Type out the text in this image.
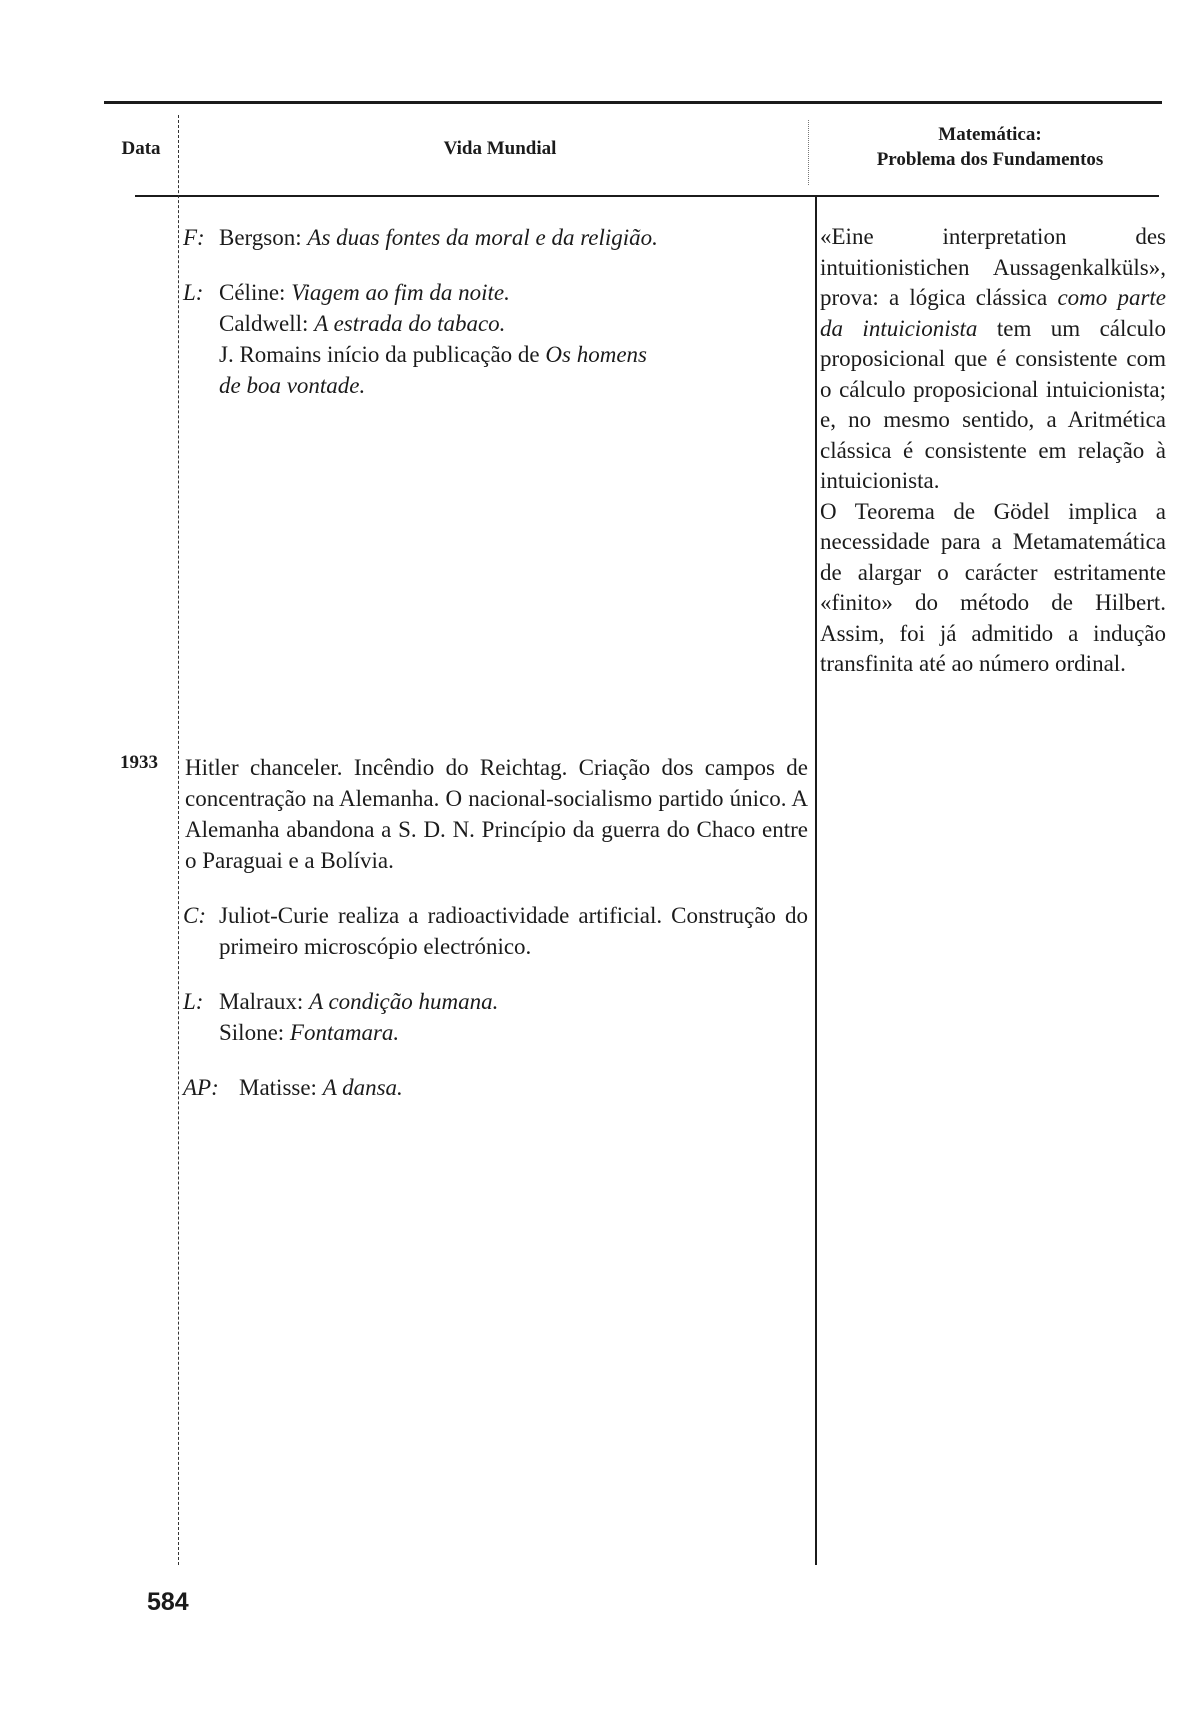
Data	Vida Mundial
Matemática:
Problema dos Fundamentos
F: Bergson: As duas fontes da moral e da religião.
L: Céline: Viagem ao fim da noite.
Caldwell: A estrada do tabaco.
J. Romains início da publicação de Os homens
de boa vontade.

«Eine interpretation des intuitionistichen Aussagenkalküls», prova: a lógica clássica como parte da intuicionista tem um cálculo proposicional que é consistente com o cálculo proposicional intuicionista; e, no mesmo sentido, a Aritmética clássica é consistente em relação à intuicionista.

O Teorema de Gödel implica a necessidade para a Metamatemática de alargar o carácter estritamente «finito» do método de Hilbert. Assim, foi já admitido a indução transfinita até ao número ordinal.

1933	Hitler chanceler. Incêndio do Reichtag. Criação dos campos de concentração na Alemanha. O nacional-socialismo partido único. A Alemanha abandona a S. D. N. Princípio da guerra do Chaco entre o Paraguai e a Bolívia.
C: Juliot-Curie realiza a radioactividade artificial. Construção do primeiro microscópio electrónico.
L: Malraux: A condição humana.
Silone: Fontamara.
AP: Matisse: A dansa.
584
